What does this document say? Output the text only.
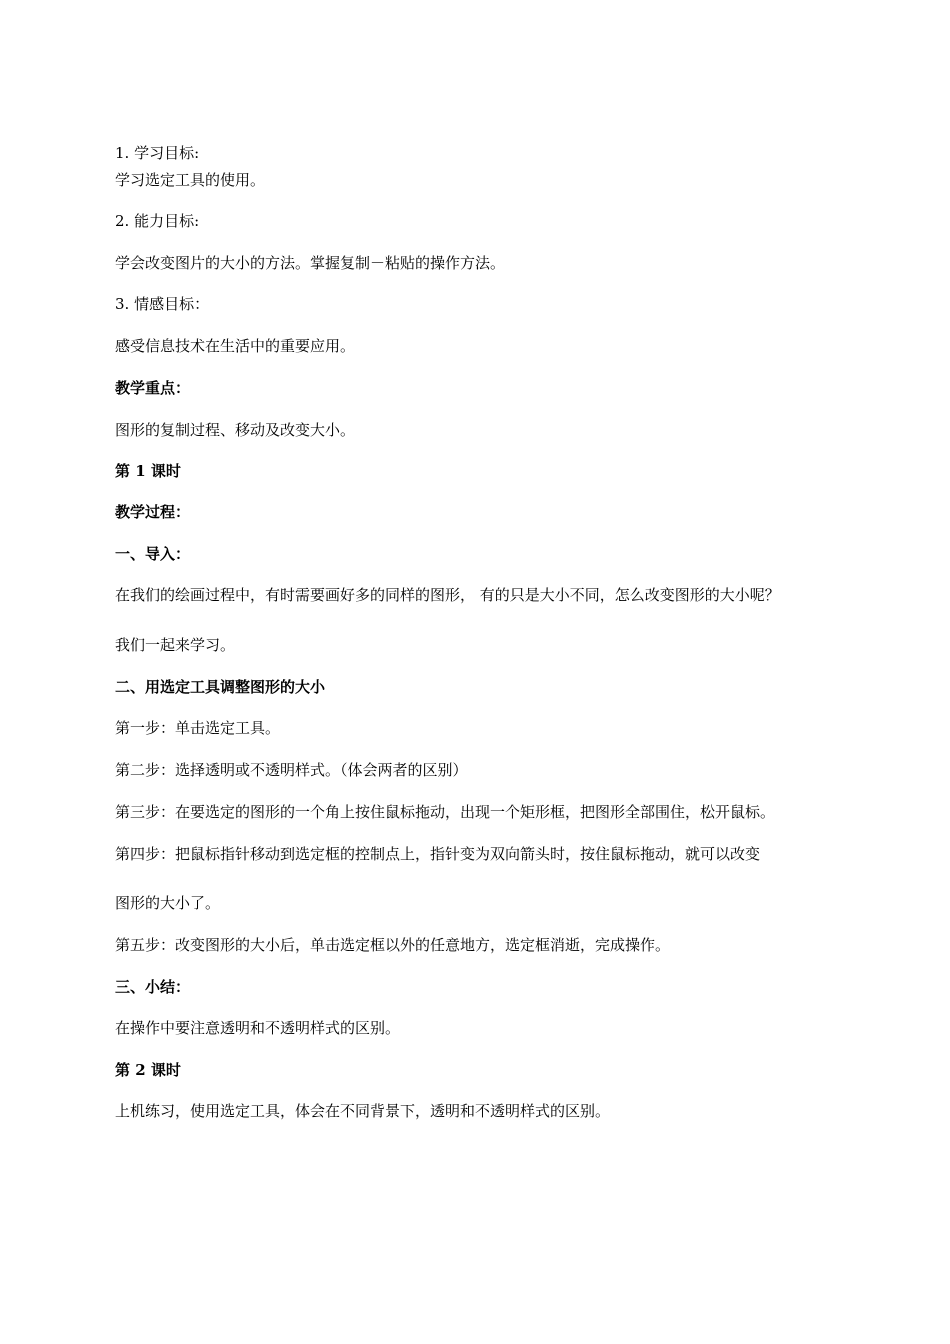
1. 学习目标:
学习选定工具的使用。
2. 能力目标:
学会改变图片的大小的方法。掌握复制－粘贴的操作方法。
3. 情感目标：
感受信息技术在生活中的重要应用。
教学重点：
图形的复制过程、移动及改变大小。
第 1 课时
教学过程：
一、导入：
在我们的绘画过程中，有时需要画好多的同样的图形， 有的只是大小不同，怎么改变图形的大小呢？
我们一起来学习。
二、用选定工具调整图形的大小
第一步：单击选定工具。
第二步：选择透明或不透明样式。（体会两者的区别）
第三步：在要选定的图形的一个角上按住鼠标拖动，出现一个矩形框，把图形全部围住，松开鼠标。
第四步：把鼠标指针移动到选定框的控制点上，指针变为双向箭头时，按住鼠标拖动，就可以改变
图形的大小了。
第五步：改变图形的大小后，单击选定框以外的任意地方，选定框消逝，完成操作。
三、小结：
在操作中要注意透明和不透明样式的区别。
第 2 课时
上机练习，使用选定工具，体会在不同背景下，透明和不透明样式的区别。
